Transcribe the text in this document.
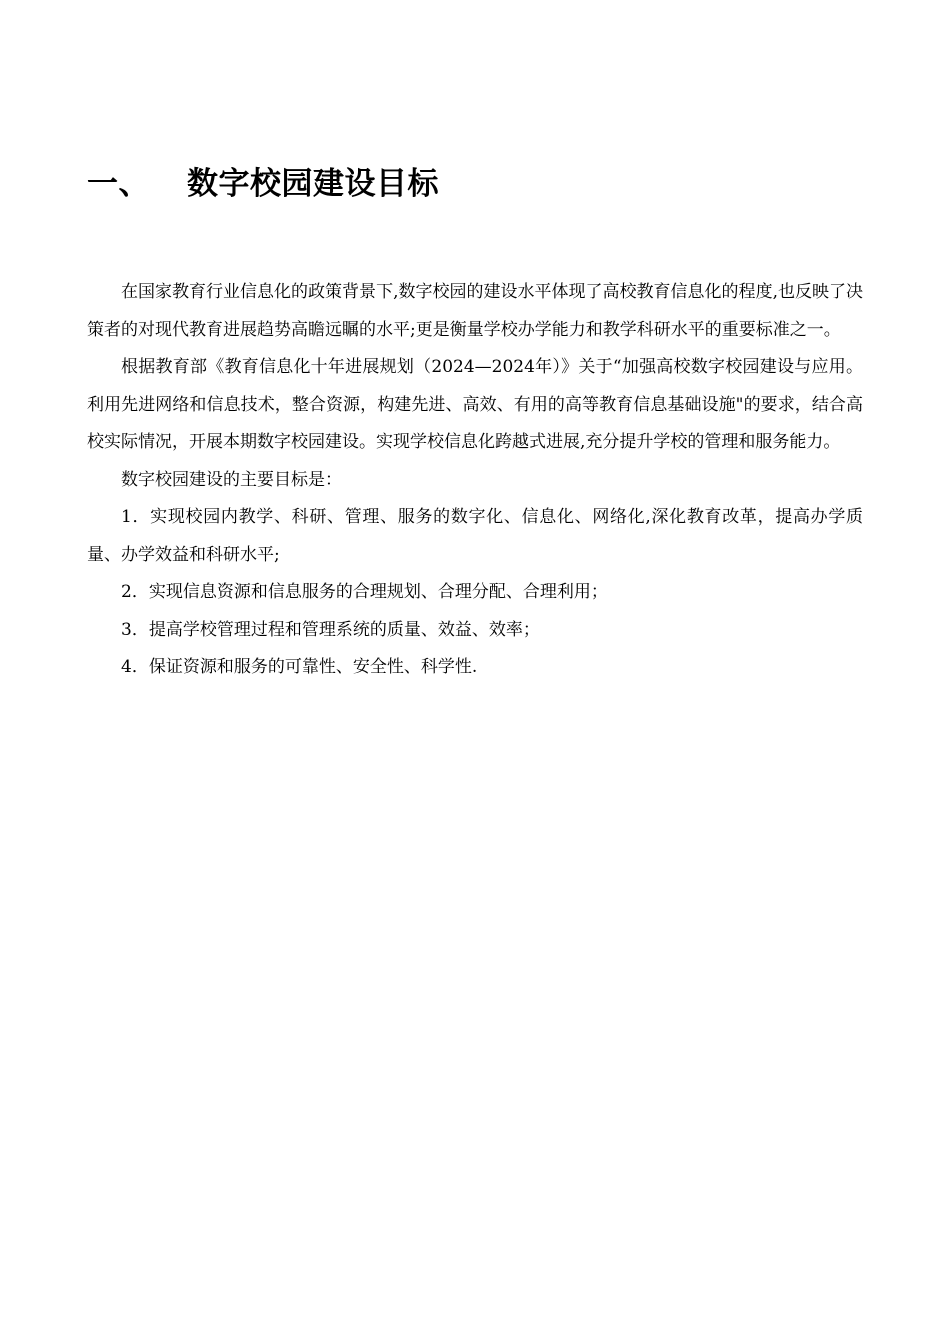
一、	数字校园建设目标

在国家教育行业信息化的政策背景下,数字校园的建设水平体现了高校教育信息化的程度,也反映了决策者的对现代教育进展趋势高瞻远瞩的水平;更是衡量学校办学能力和教学科研水平的重要标准之一。

根据教育部《教育信息化十年进展规划（2024—2024年）》关于“加强高校数字校园建设与应用。利用先进网络和信息技术，整合资源，构建先进、高效、有用的高等教育信息基础设施"的要求，结合高校实际情况，开展本期数字校园建设。实现学校信息化跨越式进展,充分提升学校的管理和服务能力。

数字校园建设的主要目标是：

1．实现校园内教学、科研、管理、服务的数字化、信息化、网络化,深化教育改革，提高办学质量、办学效益和科研水平;

2．实现信息资源和信息服务的合理规划、合理分配、合理利用；

3．提高学校管理过程和管理系统的质量、效益、效率；

4．保证资源和服务的可靠性、安全性、科学性.
